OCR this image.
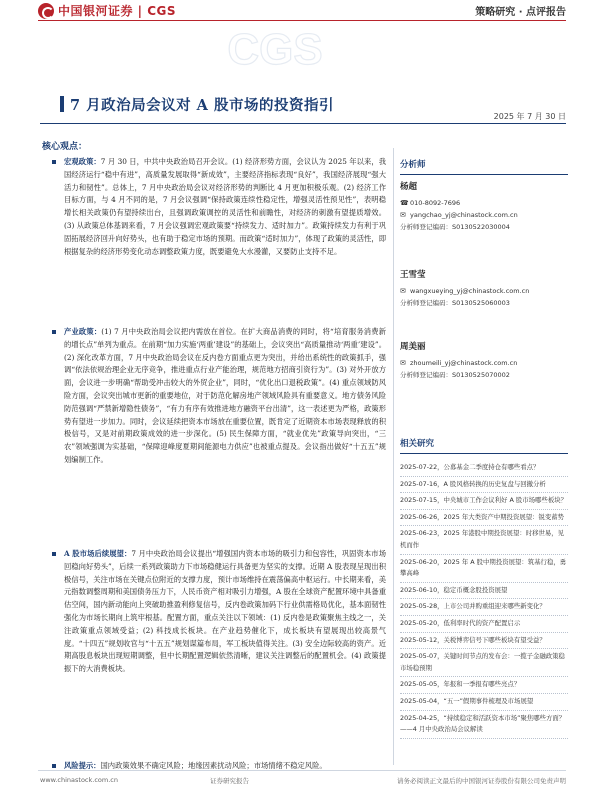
中国银河证券 | CGS	策略研究 · 点评报告
CGS
7 月政治局会议对 A 股市场的投资指引
2025 年 7 月 30 日
核心观点：
宏观政策：7 月 30 日，中共中央政治局召开会议。(1) 经济形势方面，会议认为 2025 年以来，我国经济运行“稳中有进”，高质量发展取得“新成效”，主要经济指标表现“良好”，我国经济展现“强大活力和韧性”。总体上，7 月中央政治局会议对经济形势的判断比 4 月更加积极乐观。(2) 经济工作目标方面，与 4 月不同的是，7 月会议强调“保持政策连续性稳定性，增强灵活性预见性”，表明稳增长相关政策仍有望持续出台，且强调政策调控的灵活性和前瞻性，对经济的刺激有望提质增效。(3) 从政策总体基调来看，7 月会议强调宏观政策要“持续发力、适时加力”。政策持续发力有利于巩固拓展经济回升向好势头，也有助于稳定市场的预期。而政策“适时加力”，体现了政策的灵活性，即根据复杂的经济形势变化动态调整政策力度，既要避免大水漫灌，又要防止支持不足。
产业政策：(1) 7 月中央政治局会议把内需放在首位。在扩大商品消费的同时，将“培育服务消费新的增长点”单列为重点。在前期“加力实施‘两重’建设”的基础上，会议突出“高质量推动‘两重’建设”。(2) 深化改革方面，7 月中央政治局会议在反内卷方面重点更为突出，并给出系统性的政策抓手，强调“依法依规治理企业无序竞争，推进重点行业产能治理，规范地方招商引资行为”。(3) 对外开放方面，会议进一步明确“帮助受冲击较大的外贸企业”，同时，“优化出口退税政策”。(4) 重点领域防风险方面，会议突出城市更新的重要地位，对于防范化解房地产领域风险具有重要意义。地方债务风险防范强调“严禁新增隐性债务”，“有力有序有效推进地方融资平台出清”，这一表述更为严格，政策形势有望进一步加力。同时，会议延续把资本市场放在重要位置，既肯定了近期资本市场表现释放的积极信号，又是对前期政策成效的进一步深化。(5) 民生保障方面，“就业优先”政策导向突出，“三农”领域强调为实基础，“保障迎峰度夏期间能源电力供应”也被重点提及。会议指出做好“十五五”规划编制工作。
A 股市场后续展望：7 月中央政治局会议提出“增强国内资本市场的吸引力和包容性，巩固资本市场回稳向好势头”，后续一系列政策助力下市场稳健运行具备更为坚实的支撑。近期 A 股表现呈现出积极信号，关注市场在关键点位附近的支撑力度，预计市场维持在震荡偏高中枢运行。中长期来看，美元指数调整周期和美国债务压力下，人民币资产相对吸引力增强，A 股在全球资产配置环境中具备重估空间，国内新动能向上突破助推盈利修复信号，反内卷政策加码下行业供需格局优化，基本面韧性强化为市场长期向上筑牢根基。配置方面，重点关注以下领域：(1) 反内卷是政策聚焦主线之一，关注政策重点领域受益；(2) 科技成长板块。在产业趋势催化下，成长板块有望展现出较高景气度。“十四五”规划收官与“十五五”规划谋篇布局，军工板块值得关注。(3) 安全边际较高的资产。近期高股息板块出现短期调整，但中长期配置逻辑依然清晰，建议关注调整后的配置机会。(4) 政策提振下的大消费板块。
风险提示：国内政策效果不确定风险；地缘因素扰动风险；市场情绪不稳定风险。
分析师
杨超
☎ 010-8092-7696
✉ yangchao_yj@chinastock.com.cn
分析师登记编码：S0130522030004
王雪莹
✉ wangxueying_yj@chinastock.com.cn
分析师登记编码：S0130525060003
周美丽
✉ zhoumeili_yj@chinastock.com.cn
分析师登记编码：S0130525070002
相关研究
2025-07-22，公募基金二季度持仓有哪些看点？
2025-07-16，A 股风格转换的历史复盘与回撤分析
2025-07-15，中央城市工作会议利好 A 股市场哪些板块？
2025-06-26，2025 年大类资产中期投资展望：锐变蓄势
2025-06-23，2025 年港股中期投资展望：时移世易，见机而作
2025-06-20，2025 年 A 股中期投资展望：筑基行稳，勇攀高峰
2025-06-10，稳定币概念股投资展望
2025-05-28，上市公司并购重组迎来哪些新变化？
2025-05-20，低利率时代的资产配置启示
2025-05-12，关税博弈信号下哪些板块有望受益？
2025-05-07，关键时间节点的发布会：一揽子金融政策稳市场稳预期
2025-05-05，年报和一季报有哪些亮点？
2025-05-04，“五一”假期事件梳理及市场展望
2025-04-25，“持续稳定和活跃资本市场”聚焦哪些方面？——4 月中央政治局会议解读
www.chinastock.com.cn	证券研究报告	请务必阅读正文最后的中国银河证券股份有限公司免责声明
